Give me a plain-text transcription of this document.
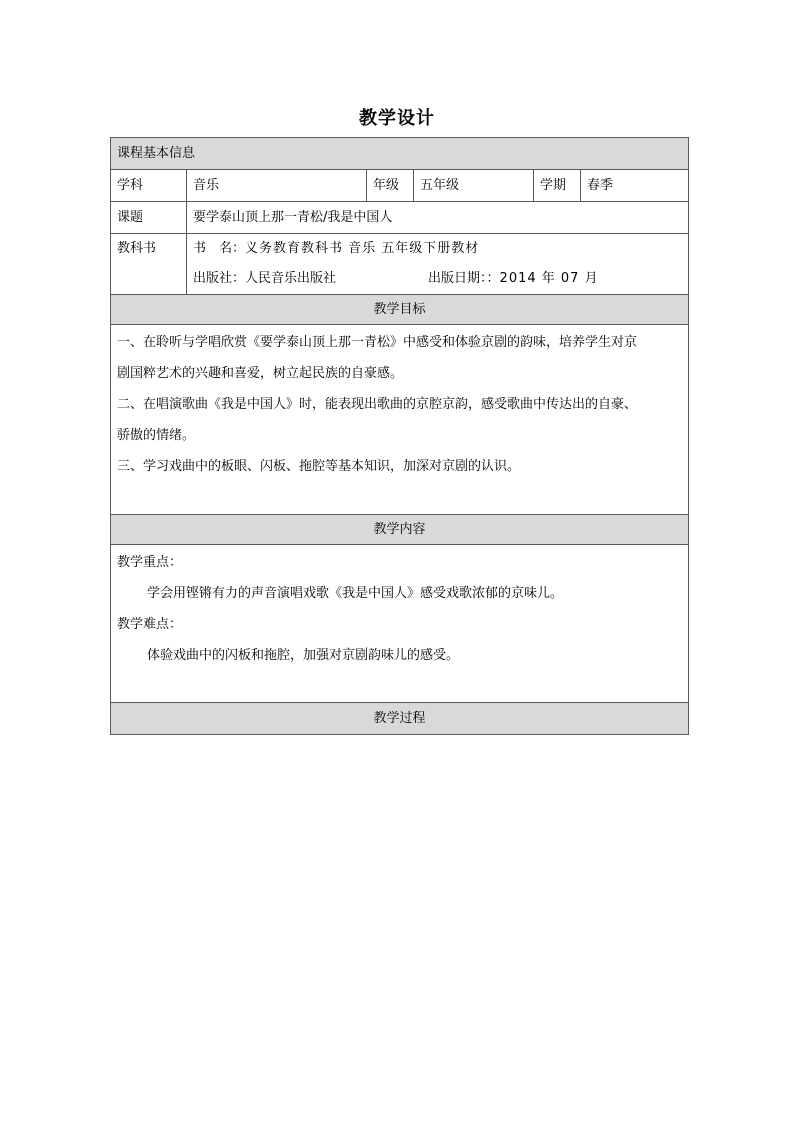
教学设计
课程基本信息					
学科	音乐	年级	五年级	学期	春季
课题	要学泰山顶上那一青松/我是中国人				
教科书	书　名：义务教育教科书 音乐 五年级下册教材
出版社：人民音乐出版社 出版日期：：2014 年 07 月				

教学目标					

一、在聆听与学唱欣赏《要学泰山顶上那一青松》中感受和体验京剧的韵味，培养学生对京
剧国粹艺术的兴趣和喜爱，树立起民族的自豪感。
二、在唱演歌曲《我是中国人》时，能表现出歌曲的京腔京韵，感受歌曲中传达出的自豪、
骄傲的情绪。
三、学习戏曲中的板眼、闪板、拖腔等基本知识，加深对京剧的认识。					

教学内容					

教学重点：
学会用铿锵有力的声音演唱戏歌《我是中国人》感受戏歌浓郁的京味儿。
教学难点：
体验戏曲中的闪板和拖腔，加强对京剧韵味儿的感受。					

教学过程					
